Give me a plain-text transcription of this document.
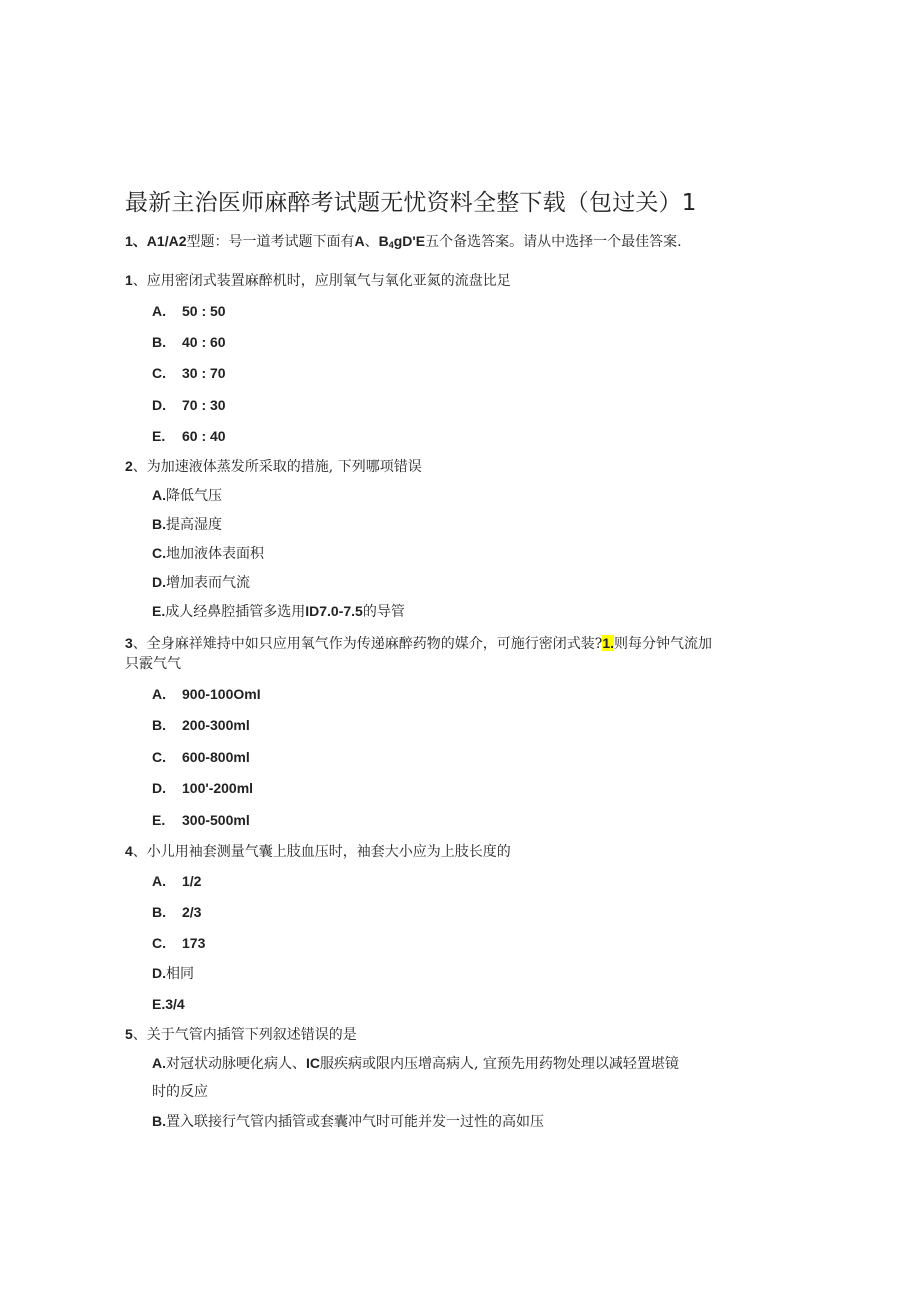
最新主治医师麻醉考试题无忧资料全整下载（包过关）1
1、A1/A2型题：号一道考试题下面有A、$B_4gD'E$五个备选答案。请从中选择一个最佳答案.
1、应用密闭式装置麻醉机时，应刖氧气与氧化亚氮的流盘比足
A. 50 : 50
B. 40 : 60
C. 30 : 70
D. 70 : 30
E. 60 : 40
2、为加速液体蒸发所采取的措施, 下列哪项错误
A.降低气压
B.提高湿度
C.地加液体表面积
D.增加表而气流
E.成人经鼻腔插管多选用ID7.0-7.5的导管
3、全身麻祥雉持中如只应用氧气作为传递麻醉药物的媒介，可施行密闭式装?1.则每分钟气流加
只霰气气
A. 900-100OmI
B. 200-300ml
C. 600-800ml
D. 100'-200ml
E. 300-500ml
4、小儿用袖套测量气囊上肢血压时，袖套大小应为上肢长度的
A. 1/2
B. 2/3
C. 173
D.相同
E.3/4
5、关于气管内插管下列叙述错误的是
A.对冠状动脉哽化病人、IC服疾病或限内压增高病人, 宜预先用药物处理以减轻置堪镜
时的反应
B.置入联接行气管内插管或套囊冲气时可能并发一过性的高如压
